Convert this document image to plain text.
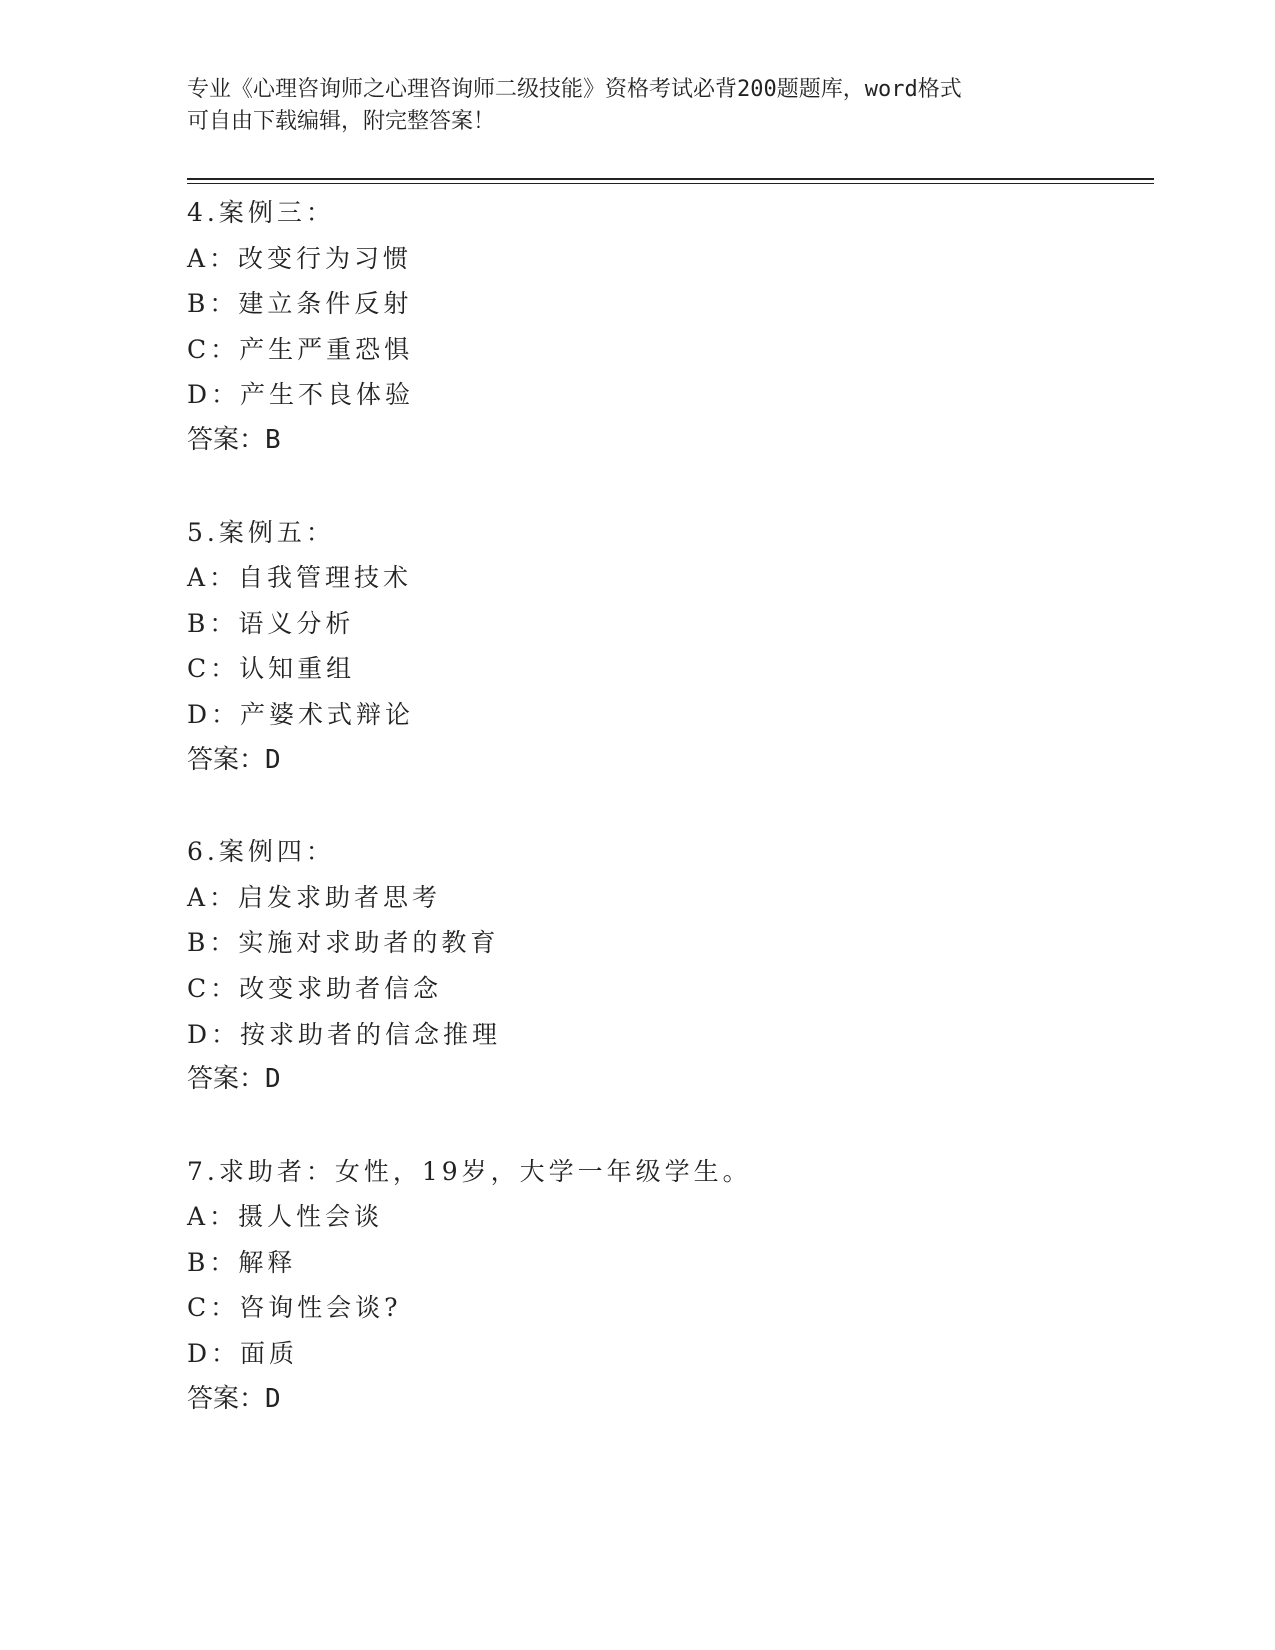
专业《心理咨询师之心理咨询师二级技能》资格考试必背200题题库，word格式
可自由下载编辑，附完整答案！
4.案例三：
A：改变行为习惯
B：建立条件反射
C：产生严重恐惧
D：产生不良体验
答案：B
5.案例五：
A：自我管理技术
B：语义分析
C：认知重组
D：产婆术式辩论
答案：D
6.案例四：
A：启发求助者思考
B：实施对求助者的教育
C：改变求助者信念
D：按求助者的信念推理
答案：D
7.求助者：女性，19岁，大学一年级学生。
A：摄人性会谈
B：解释
C：咨询性会谈?
D：面质
答案：D
